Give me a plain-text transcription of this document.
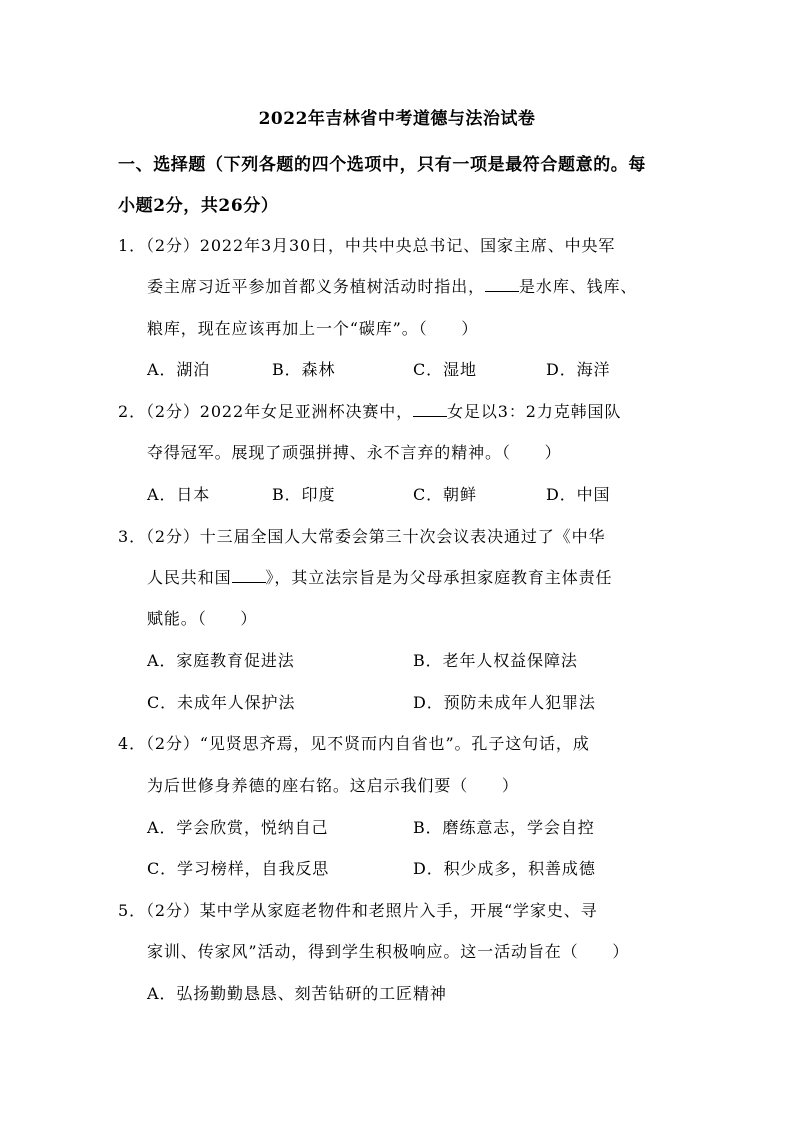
2022年吉林省中考道德与法治试卷
一、选择题（下列各题的四个选项中，只有一项是最符合题意的。每
小题2分，共26分）
1．（2分）2022年3月30日，中共中央总书记、国家主席、中央军
委主席习近平参加首都义务植树活动时指出， 是水库、钱库、
粮库，现在应该再加上一个“碳库”。（　　）
A．湖泊	B．森林	C．湿地	D．海洋
2．（2分）2022年女足亚洲杯决赛中， 女足以3：2力克韩国队
夺得冠军。展现了顽强拼搏、永不言弃的精神。（　　）
A．日本	B．印度	C．朝鲜	D．中国
3．（2分）十三届全国人大常委会第三十次会议表决通过了《中华
人民共和国 》，其立法宗旨是为父母承担家庭教育主体责任
赋能。（　　）
A．家庭教育促进法	B．老年人权益保障法
C．未成年人保护法	D．预防未成年人犯罪法
4．（2分）“见贤思齐焉，见不贤而内自省也”。孔子这句话，成
为后世修身养德的座右铭。这启示我们要（　　）
A．学会欣赏，悦纳自己	B．磨练意志，学会自控
C．学习榜样，自我反思	D．积少成多，积善成德
5．（2分）某中学从家庭老物件和老照片入手，开展“学家史、寻
家训、传家风”活动，得到学生积极响应。这一活动旨在（　　）
A．弘扬勤勤恳恳、刻苦钻研的工匠精神
